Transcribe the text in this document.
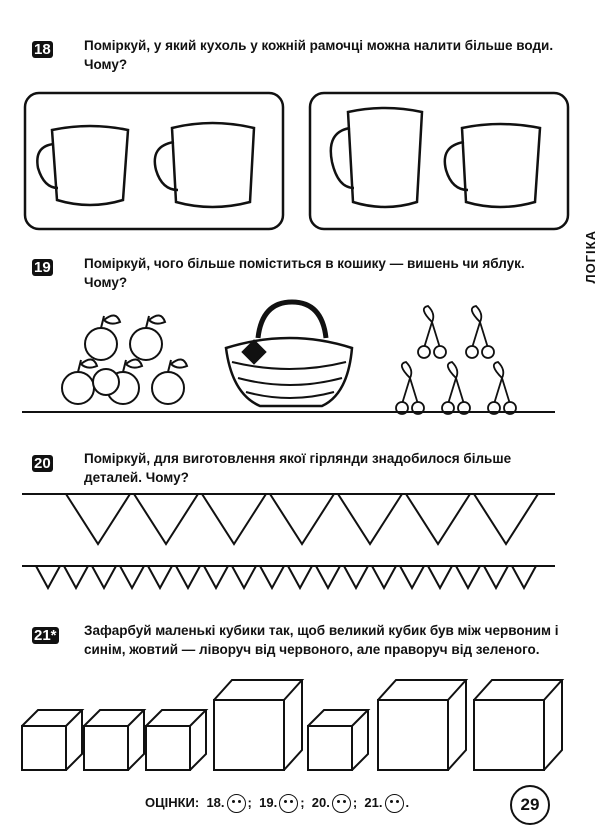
ЛОГІКА
18 Поміркуй, у який кухоль у кожній рамочці можна налити більше води.
Чому?
19 Поміркуй, чого більше поміститься в кошику — вишень чи яблук.
Чому?
20 Поміркуй, для виготовлення якої гірлянди знадобилося більше
деталей. Чому?
21* Зафарбуй маленькі кубики так, щоб великий кубик був між червоним і
синім, жовтий — ліворуч від червоного, але праворуч від зеленого.
ОЦІНКИ: 18. ; 19. ; 20. ; 21. .	29
